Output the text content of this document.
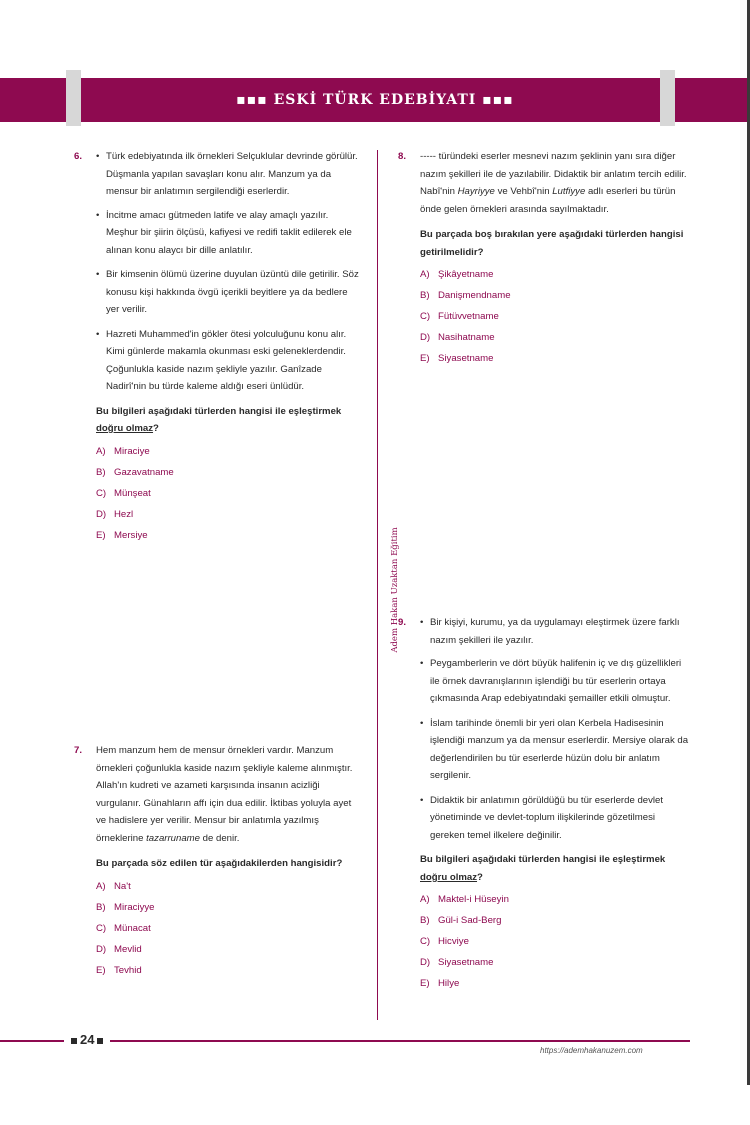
▪▪▪ ESKİ TÜRK EDEBİYATI ▪▪▪
Adem Hakan Uzaktan Eğitim
6.	• Türk edebiyatında ilk örnekleri Selçuklular devrinde görülür. Düşmanla yapılan savaşları konu alır. Manzum ya da mensur bir anlatımın sergilendiği eserlerdir.
• İncitme amacı gütmeden latife ve alay amaçlı yazılır. Meşhur bir şiirin ölçüsü, kafiyesi ve redifi taklit edilerek ele alınan konu alaycı bir dille anlatılır.
• Bir kimsenin ölümü üzerine duyulan üzüntü dile getirilir. Söz konusu kişi hakkında övgü içerikli beyitlere ya da bedlere yer verilir.
• Hazreti Muhammed'in gökler ötesi yolculuğunu konu alır. Kimi günlerde makamla okunması eski geleneklerdendir. Çoğunlukla kaside nazım şekliyle yazılır. Ganîzade Nadirî'nin bu türde kaleme aldığı eseri ünlüdür.
Bu bilgileri aşağıdaki türlerden hangisi ile eşleştirmek doğru olmaz?
A) Miraciye
B) Gazavatname
C) Münşeat
D) Hezl
E) Mersiye
7. Hem manzum hem de mensur örnekleri vardır. Manzum örnekleri çoğunlukla kaside nazım şekliyle kaleme alınmıştır. Allah'ın kudreti ve azameti karşısında insanın acizliği vurgulanır. Günahların affı için dua edilir. İktibas yoluyla ayet ve hadislere yer verilir. Mensur bir anlatımla yazılmış örneklerine tazarruname de denir.
Bu parçada söz edilen tür aşağıdakilerden hangisidir?
A) Na't
B) Miraciyye
C) Münacat
D) Mevlid
E) Tevhid
8. ----- türündeki eserler mesnevi nazım şeklinin yanı sıra diğer nazım şekilleri ile de yazılabilir. Didaktik bir anlatım tercih edilir. Nabî'nin Hayriyye ve Vehbî'nin Lutfiyye adlı eserleri bu türün önde gelen örnekleri arasında sayılmaktadır.
Bu parçada boş bırakılan yere aşağıdaki türlerden hangisi getirilmelidir?
A) Şikâyetname
B) Danişmendname
C) Fütüvvetname
D) Nasihatname
E) Siyasetname
9.	• Bir kişiyi, kurumu, ya da uygulamayı eleştirmek üzere farklı nazım şekilleri ile yazılır.
• Peygamberlerin ve dört büyük halifenin iç ve dış güzellikleri ile örnek davranışlarının işlendiği bu tür eserlerin ortaya çıkmasında Arap edebiyatındaki şemailler etkili olmuştur.
• İslam tarihinde önemli bir yeri olan Kerbela Hadisesinin işlendiği manzum ya da mensur eserlerdir. Mersiye olarak da değerlendirilen bu tür eserlerde hüzün dolu bir anlatım sergilenir.
• Didaktik bir anlatımın görüldüğü bu tür eserlerde devlet yönetiminde ve devlet-toplum ilişkilerinde gözetilmesi gereken temel ilkelere değinilir.
Bu bilgileri aşağıdaki türlerden hangisi ile eşleştirmek doğru olmaz?
A) Maktel-i Hüseyin
B) Gül-i Sad-Berg
C) Hicviye
D) Siyasetname
E) Hilye
24
https://ademhakanuzem.com
